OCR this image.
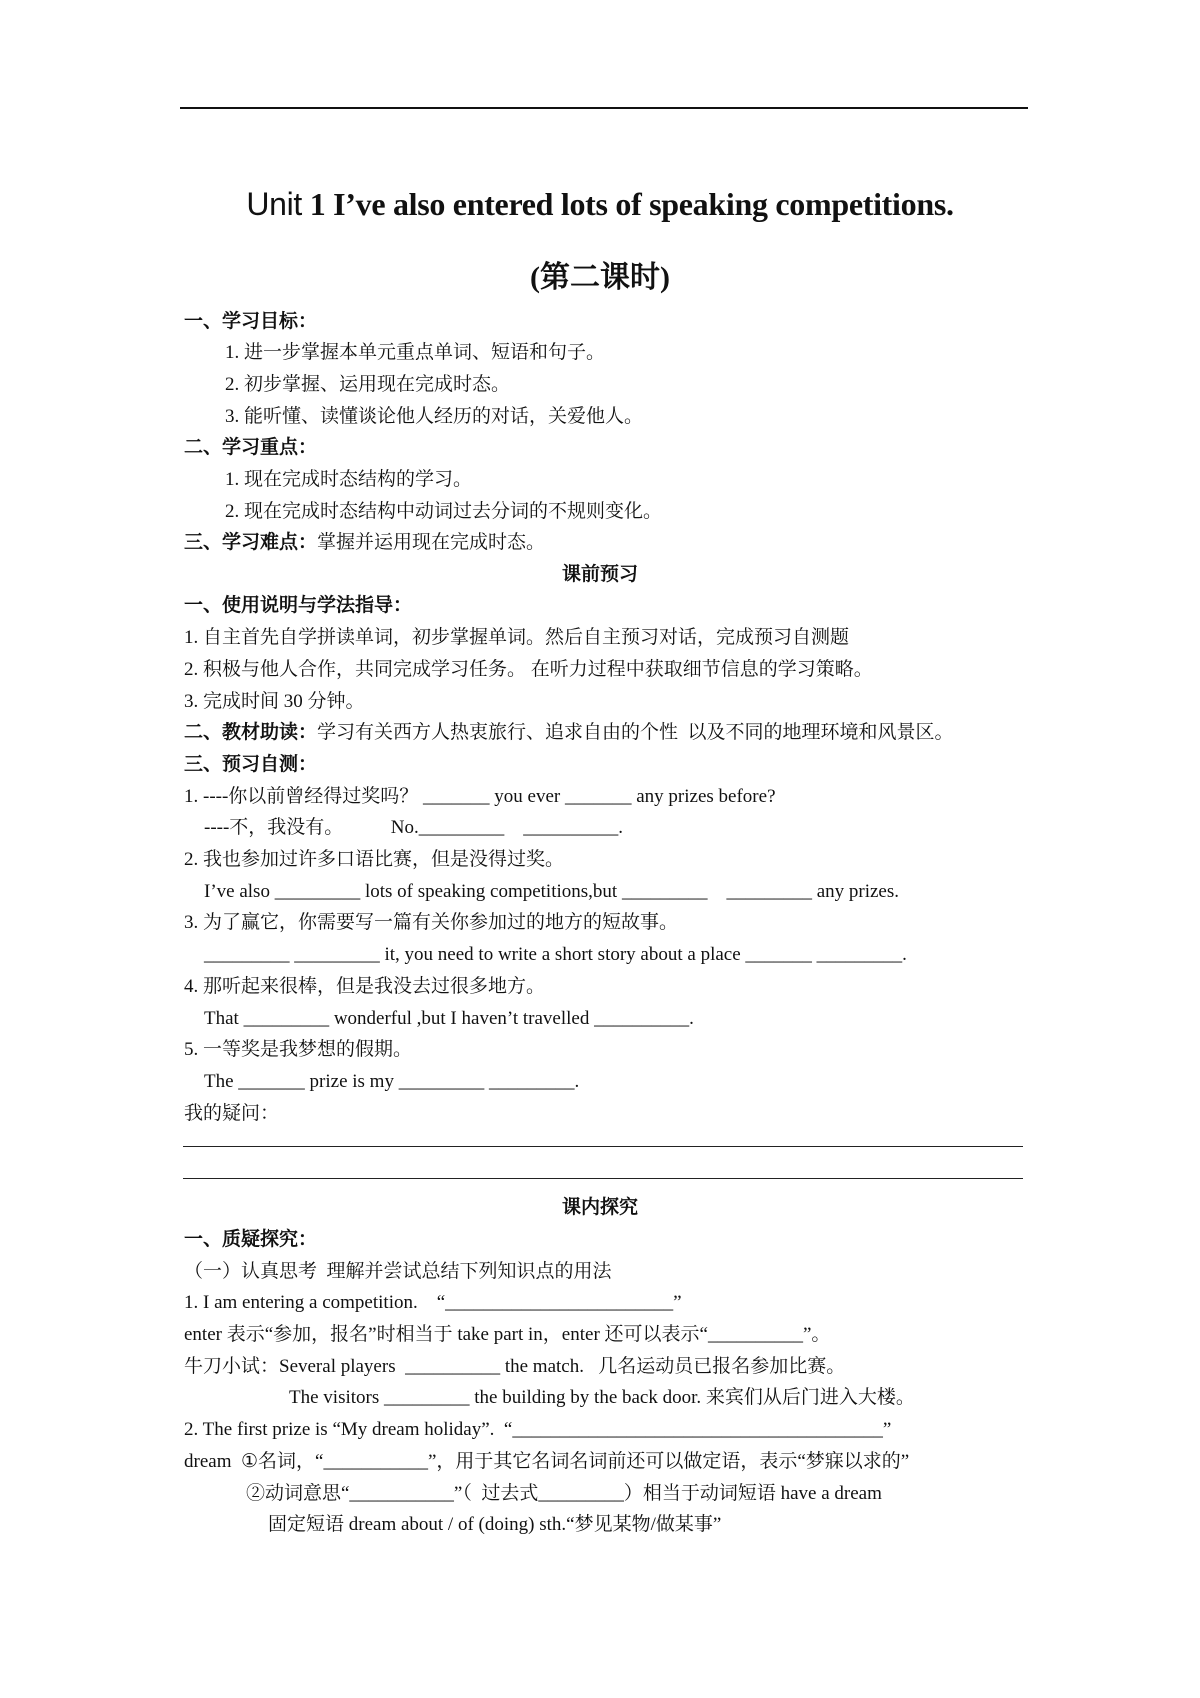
Unit 1 I’ve also entered lots of speaking competitions.
(第二课时)
一、学习目标：
1. 进一步掌握本单元重点单词、短语和句子。
2. 初步掌握、运用现在完成时态。
3. 能听懂、读懂谈论他人经历的对话，关爱他人。
二、学习重点：
1. 现在完成时态结构的学习。
2. 现在完成时态结构中动词过去分词的不规则变化。
三、学习难点：掌握并运用现在完成时态。
课前预习
一、使用说明与学法指导：
1. 自主首先自学拼读单词，初步掌握单词。然后自主预习对话，完成预习自测题
2. 积极与他人合作，共同完成学习任务。 在听力过程中获取细节信息的学习策略。
3. 完成时间 30 分钟。
二、教材助读：学习有关西方人热衷旅行、追求自由的个性  以及不同的地理环境和风景区。
三、预习自测：
1. ----你以前曾经得过奖吗？ _______ you ever _______ any prizes before?
----不，我没有。          No._________    __________.
2. 我也参加过许多口语比赛，但是没得过奖。
I’ve also _________ lots of speaking competitions,but _________    _________ any prizes.
3. 为了赢它，你需要写一篇有关你参加过的地方的短故事。
_________ _________ it, you need to write a short story about a place _______ _________.
4. 那听起来很棒，但是我没去过很多地方。
That _________ wonderful ,but I haven’t travelled __________.
5. 一等奖是我梦想的假期。
The _______ prize is my _________ _________.
我的疑问：
课内探究
一、质疑探究：
（一）认真思考  理解并尝试总结下列知识点的用法
1. I am entering a competition.    “________________________”
enter 表示“参加，报名”时相当于 take part in，enter 还可以表示“__________”。
牛刀小试：Several players  __________ the match.   几名运动员已报名参加比赛。
The visitors _________ the building by the back door. 来宾们从后门进入大楼。
2. The first prize is “My dream holiday”.  “_______________________________________”
dream  ①名词，“___________”，用于其它名词名词前还可以做定语，表示“梦寐以求的”
②动词意思“___________”（  过去式_________）相当于动词短语 have a dream
固定短语 dream about / of (doing) sth.“梦见某物/做某事”
